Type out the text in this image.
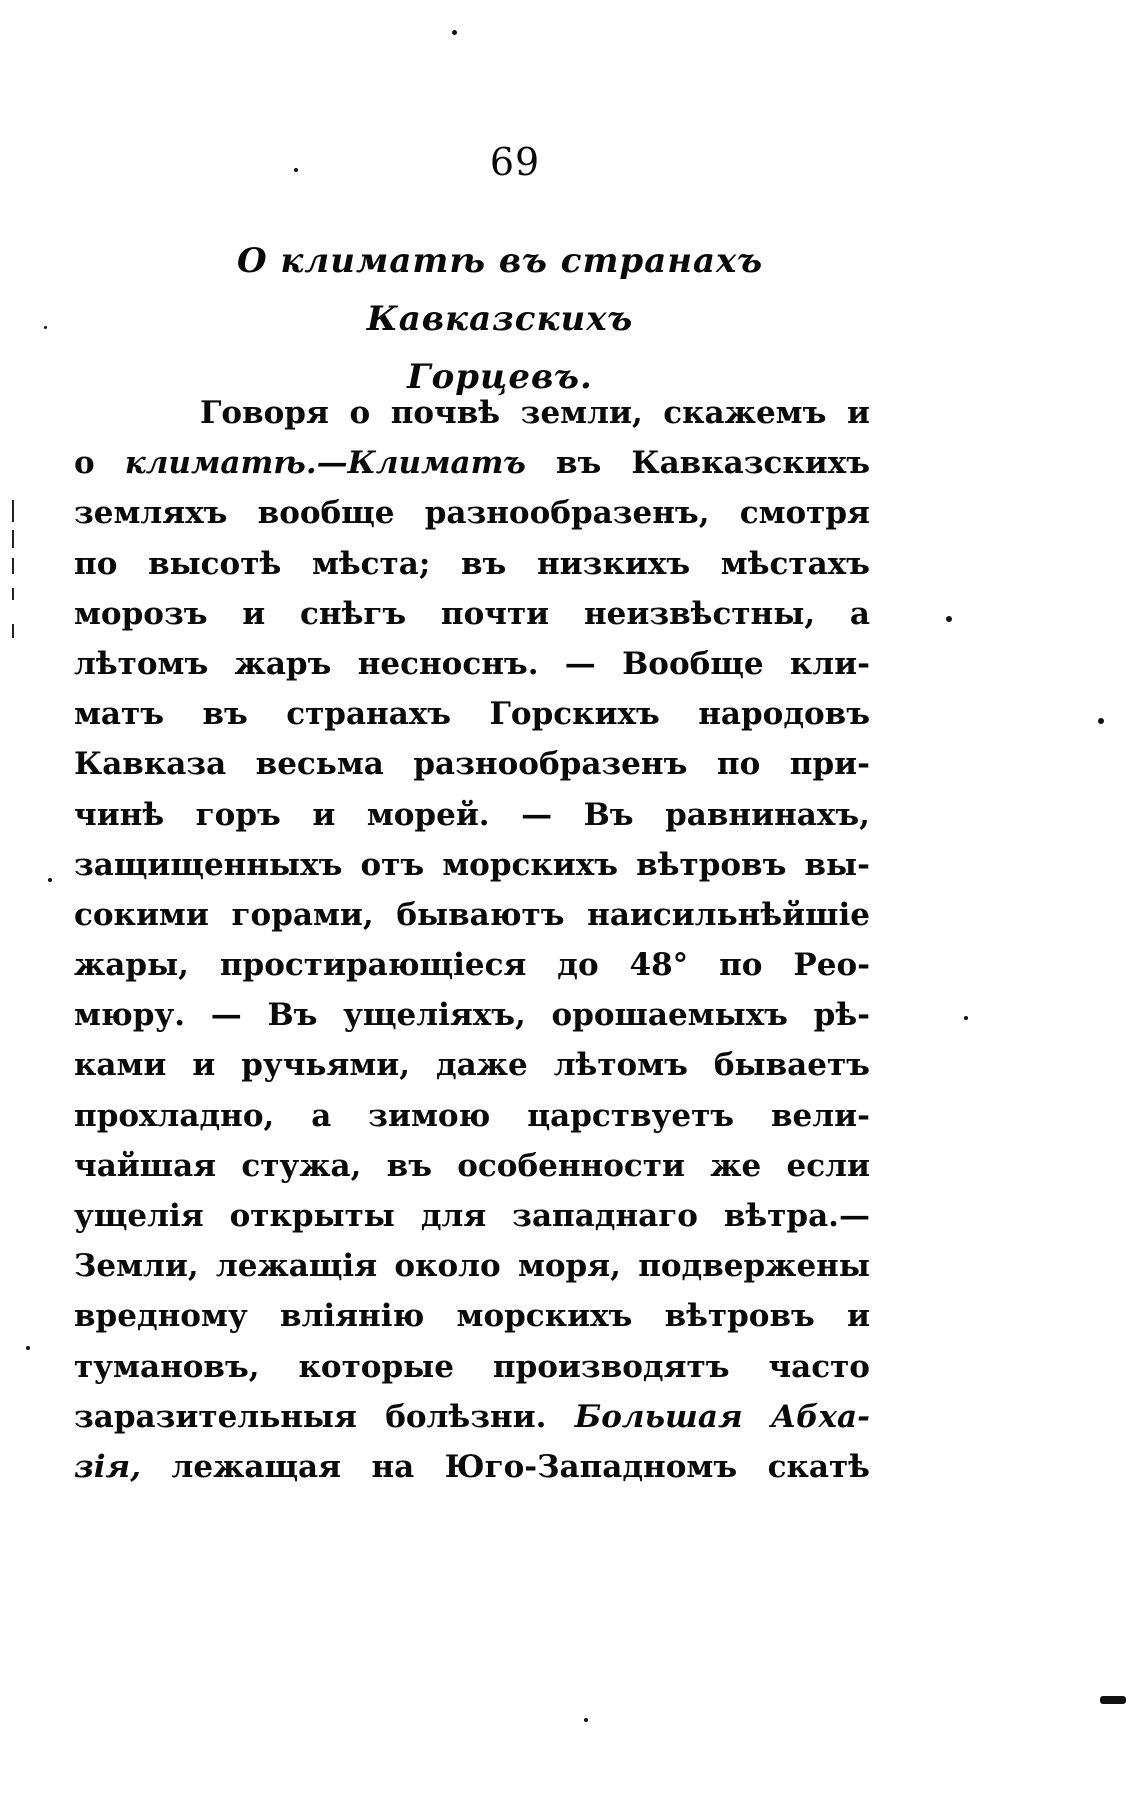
69
О климатѣ въ странахъ Кавказскихъ
Горцевъ.
Говоря о почвѣ земли, скажемъ и
о климатѣ.—Климатъ въ Кавказскихъ
земляхъ вообще разнообразенъ, смотря
по высотѣ мѣста; въ низкихъ мѣстахъ
морозъ и снѣгъ почти неизвѣстны, а
лѣтомъ жаръ несноснъ. — Вообще кли-
матъ въ странахъ Горскихъ народовъ
Кавказа весьма разнообразенъ по при-
чинѣ горъ и морей. — Въ равнинахъ,
защищенныхъ отъ морскихъ вѣтровъ вы-
сокими горами, бываютъ наисильнѣйшіе
жары, простирающіеся до 48° по Рео-
мюру. — Въ ущеліяхъ, орошаемыхъ рѣ-
ками и ручьями, даже лѣтомъ бываетъ
прохладно, а зимою царствуетъ вели-
чайшая стужа, въ особенности же если
ущелія открыты для западнаго вѣтра.—
Земли, лежащія около моря, подвержены
вредному вліянію морскихъ вѣтровъ и
тумановъ, которые производятъ часто
заразительныя болѣзни. Большая Абха-
зія, лежащая на Юго-Западномъ скатѣ
